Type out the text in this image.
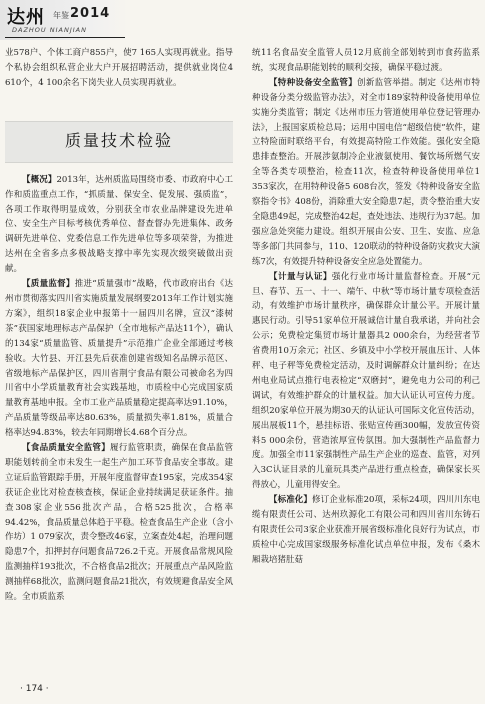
达州 年鉴 2014
DAZHOU NIANJIAN

业578户、个体工商户855户，使7 165人实现再就业。指导个私协会组织私营企业大户开展招聘活动，提供就业岗位4 610个，4 100余名下岗失业人员实现再就业。

质量技术检验

【概况】2013年，达州质监局围绕市委、市政府中心工作和质监重点工作，“抓质量、保安全、促发展、强质监”，各项工作取得明显成效，分别获全市农业品牌建设先进单位、安全生产目标考核优秀单位、督查督办先进集体、政务调研先进单位、党委信息工作先进单位等多项荣誉，为推进达州在全省多点多极战略支撑中率先实现次级突破做出贡献。

【质量监督】推进“质量强市”战略，代市政府出台《达州市贯彻落实四川省实施质量发展纲要2013年工作计划实施方案》，组织18家企业申报第十一届四川名牌，宣汉“漆树茶”获国家地理标志产品保护（全市地标产品达11个），确认的134家“质量监管、质量提升”示范推广企业全部通过考核验收。大竹县、开江县先后获准创建省级知名品牌示范区、省级地标产品保护区，四川省荆宁食品有限公司被命名为四川省中小学质量教育社会实践基地，市质检中心完成国家质量教育基地申报。全市工业产品质量稳定提高率达91.10%，产品质量等级品率达80.63%，质量损失率1.81%，质量合格率达94.83%，较去年同期增长4.68个百分点。

【食品质量安全监管】履行监管职责，确保在食品监管职能划转前全市未发生一起生产加工环节食品安全事故。建立证后监管跟踪手册，开展年度监督审查195家，完成354家获证企业比对检查核查核，保证企业持续满足获证条件。抽查308家企业556批次产品，合格525批次，合格率94.42%，食品质量总体趋于平稳。检查食品生产企业（含小作坊）1 079家次，责令整改46家，立案查处4起，治理问题隐患7个，扣押封存问题食品726.2千克。开展食品常规风险监测抽样193批次，不合格食品2批次；开展重点产品风险监测抽样68批次，监测问题食品21批次，有效规避食品安全风险。全市质监系

统11名食品安全监管人员12月底前全部划转到市食药监系统，实现食品职能划转的顺利交接，确保平稳过渡。

【特种设备安全监管】创新监管举措。制定《达州市特种设备分类分级监管办法》，对全市189家特种设备使用单位实施分类监管；制定《达州市压力管道使用单位登记管理办法》，上报国家质检总局；运用中国电信“超级信使”软件，建立特险面时联络平台，有效提高特险工作效能。强化安全隐患排查整治。开展涉氨制冷企业液氨使用、餐饮场所燃气安全等各类专项整治，检查11次，检查特种设备使用单位1 353家次，在用特种设备5 608台次，签发《特种设备安全监察指令书》408份，消除重大安全隐患7起，责令整治重大安全隐患49起，完成整治42起，查处违法、违规行为37起。加强应急处突能力建设。组织开展由公安、卫生、安监、应急等多部门共同参与，110、120联动的特种设备防灾救灾大演练7次，有效提升特种设备安全应急处置能力。

【计量与认证】强化行业市场计量监督检查。开展“元旦、春节、五一、十一、端午、中秋”等市场计量专项检查活动，有效维护市场计量秩序，确保群众计量公平。开展计量惠民行动。引导51家单位开展诚信计量自我承诺，并向社会公示；免费检定集贸市场计量器具2 000余台，为经营者节省费用10万余元；社区、乡镇及中小学校开展血压计、人体秤、电子秤等免费检定活动，及时调解群众计量纠纷；在达州电业局试点推行电表检定“双磨封”，避免电力公司的利己调试，有效维护群众的计量权益。加大认证认可宣传力度。组织20家单位开展为期30天的认证认可国际文化宣传活动，展出展板11个，悬挂标语、张贴宣传画300幅，发放宣传资料5 000余份，营造浓厚宣传氛围。加大强制性产品监督力度。加强全市11家强制性产品生产企业的巡查、监管，对列入3C认证目录的儿童玩具类产品进行重点检查，确保家长买得放心，儿童用得安全。

【标准化】修订企业标准20项，采标24项，四川川东电缆有限责任公司、达州玖源化工有限公司和四川省川东铸石有限责任公司3家企业获准开展省级标准化良好行为试点，市质检中心完成国家级服务标准化试点单位申报，发布《桑木厢栽培猪肚菇

· 174 ·
